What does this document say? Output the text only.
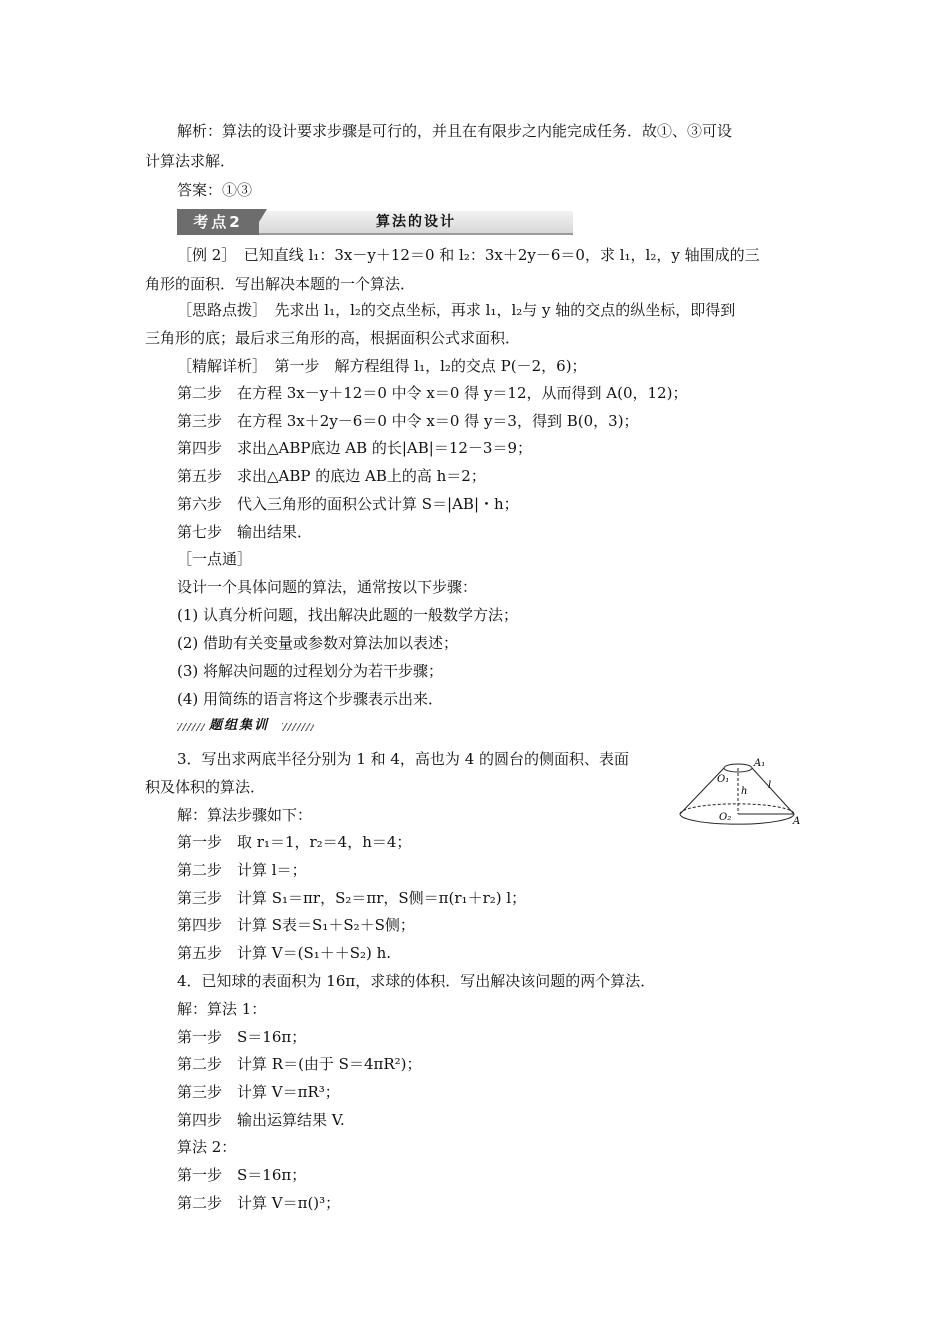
解析：算法的设计要求步骤是可行的，并且在有限步之内能完成任务．故①、③可设
计算法求解．
答案：①③
考点2	算法的设计
［例 2］　已知直线 l₁：3x－y＋12＝0 和 l₂：3x＋2y－6＝0，求 l₁，l₂，y 轴围成的三
角形的面积．写出解决本题的一个算法．
［思路点拨］　先求出 l₁，l₂的交点坐标，再求 l₁，l₂与 y 轴的交点的纵坐标，即得到
三角形的底；最后求三角形的高，根据面积公式求面积．
［精解详析］　第一步　解方程组得 l₁，l₂的交点 P(－2，6)；
第二步　在方程 3x－y＋12＝0 中令 x＝0 得 y＝12，从而得到 A(0，12)；
第三步　在方程 3x＋2y－6＝0 中令 x＝0 得 y＝3，得到 B(0，3)；
第四步　求出△ABP底边 AB 的长|AB|＝12－3＝9；
第五步　求出△ABP 的底边 AB上的高 h＝2；
第六步　代入三角形的面积公式计算 S＝|AB|・h；
第七步　输出结果．
［一点通］
设计一个具体问题的算法，通常按以下步骤：
(1) 认真分析问题，找出解决此题的一般数学方法；
(2) 借助有关变量或参数对算法加以表述；
(3) 将解决问题的过程划分为若干步骤；
(4) 用简练的语言将这个步骤表示出来．
题组集训
3．写出求两底半径分别为 1 和 4，高也为 4 的圆台的侧面积、表面
积及体积的算法．
解：算法步骤如下：
第一步　取 r₁＝1，r₂＝4，h＝4；
第二步　计算 l＝；
第三步　计算 S₁＝πr，S₂＝πr，S侧＝π(r₁＋r₂) l；
第四步　计算 S表＝S₁＋S₂＋S侧；
第五步　计算 V＝(S₁＋＋S₂) h.
A₁
A
O₁
O₂
h
l
4．已知球的表面积为 16π，求球的体积．写出解决该问题的两个算法．
解：算法 1：
第一步　S＝16π；
第二步　计算 R＝(由于 S＝4πR²)；
第三步　计算 V＝πR³；
第四步　输出运算结果 V.
算法 2：
第一步　S＝16π；
第二步　计算 V＝π()³；
